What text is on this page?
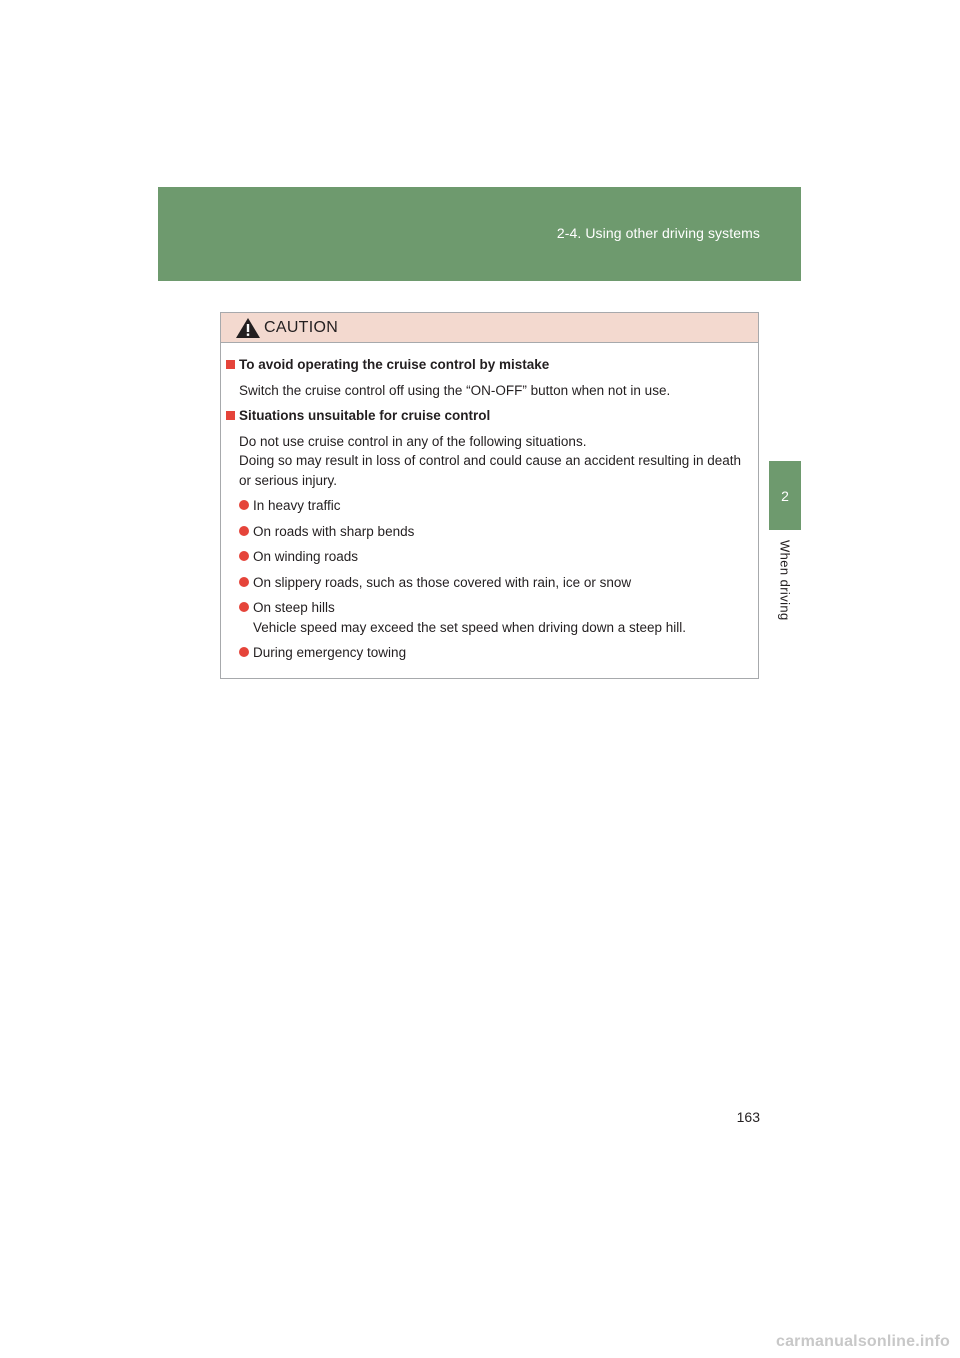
2-4. Using other driving systems
2
When driving
CAUTION
To avoid operating the cruise control by mistake
Switch the cruise control off using the “ON-OFF” button when not in use.
Situations unsuitable for cruise control
Do not use cruise control in any of the following situations.
Doing so may result in loss of control and could cause an accident resulting in death or serious injury.
In heavy traffic
On roads with sharp bends
On winding roads
On slippery roads, such as those covered with rain, ice or snow
On steep hills
Vehicle speed may exceed the set speed when driving down a steep hill.
During emergency towing
163
carmanualsonline.info
